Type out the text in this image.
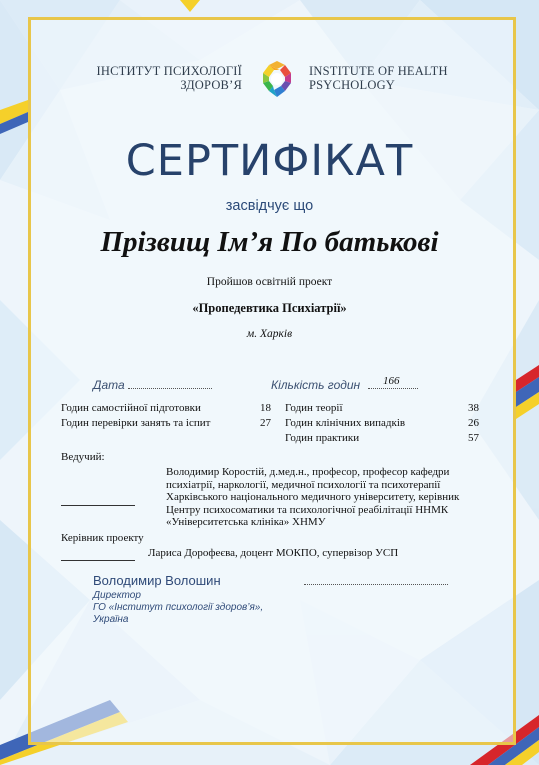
ІНСТИТУТ ПСИХОЛОГІЇ
ЗДОРОВ’Я
INSTITUTE OF HEALTH
PSYCHOLOGY
СЕРТИФІКАТ
засвідчує що
Прізвищ Ім’я По батькові
Пройшов освітній проект
«Пропедевтика Психіатрії»
м. Харків
Дата	Кількість годин 166
Годин самостійної підготовки	18
Годин перевірки занять та іспит	27
Годин теорії	38
Годин клінічних випадків	26
Годин практики	57
Ведучий:
Володимир Коростій, д.мед.н., професор, професор кафедри психіатрії, наркології, медичної психології та психотерапії Харківського національного медичного університету, керівник Центру психосоматики та психологічної реабілітації ННМК «Університетська клініка» ХНМУ
Керівник проекту
Лариса Дорофеєва, доцент МОКПО, супервізор УСП
Володимир Волошин
Директор
ГО «Інститут психології здоров’я»,
Україна
